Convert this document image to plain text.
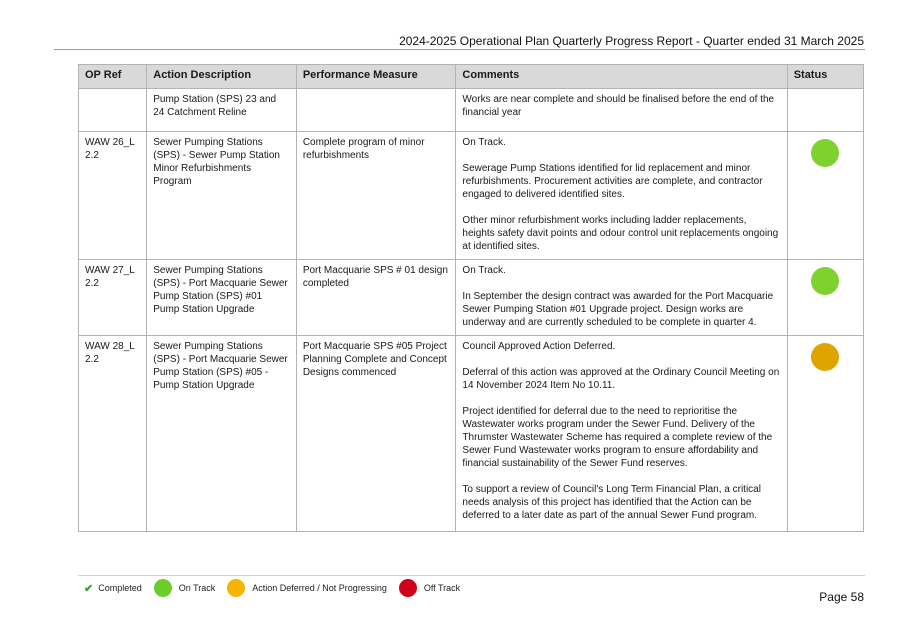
2024-2025 Operational Plan Quarterly Progress Report - Quarter ended 31 March 2025
OP Ref	Action Description	Performance Measure	Comments	Status
	Pump Station (SPS) 23 and 24 Catchment Reline		Works are near complete and should be finalised before the end of the financial year	

WAW 26_L 2.2	Sewer Pumping Stations (SPS) - Sewer Pump Station Minor Refurbishments Program	Complete program of minor refurbishments	On Track.

Sewerage Pump Stations identified for lid replacement and minor refurbishments. Procurement activities are complete, and contractor engaged to delivered identified sites.

Other minor refurbishment works including ladder replacements, heights safety davit points and odour control unit replacements ongoing at identified sites.	

WAW 27_L 2.2	Sewer Pumping Stations (SPS) - Port Macquarie Sewer Pump Station (SPS) #01 Pump Station Upgrade	Port Macquarie SPS # 01 design completed	On Track.

In September the design contract was awarded for the Port Macquarie Sewer Pumping Station #01 Upgrade project. Design works are underway and are currently scheduled to be complete in quarter 4.	

WAW 28_L 2.2	Sewer Pumping Stations (SPS) - Port Macquarie Sewer Pump Station (SPS) #05 - Pump Station Upgrade	Port Macquarie SPS #05 Project Planning Complete and Concept Designs commenced	Council Approved Action Deferred.

Deferral of this action was approved at the Ordinary Council Meeting on 14 November 2024 Item No 10.11.

Project identified for deferral due to the need to reprioritise the Wastewater works program under the Sewer Fund. Delivery of the Thrumster Wastewater Scheme has required a complete review of the Sewer Fund Wastewater works program to ensure affordability and financial sustainability of the Sewer Fund reserves.

To support a review of Council's Long Term Financial Plan, a critical needs analysis of this project has identified that the Action can be deferred to a later date as part of the annual Sewer Fund program.	

✔ Completed	On Track	Action Deferred / Not Progressing	Off Track
Page 58
